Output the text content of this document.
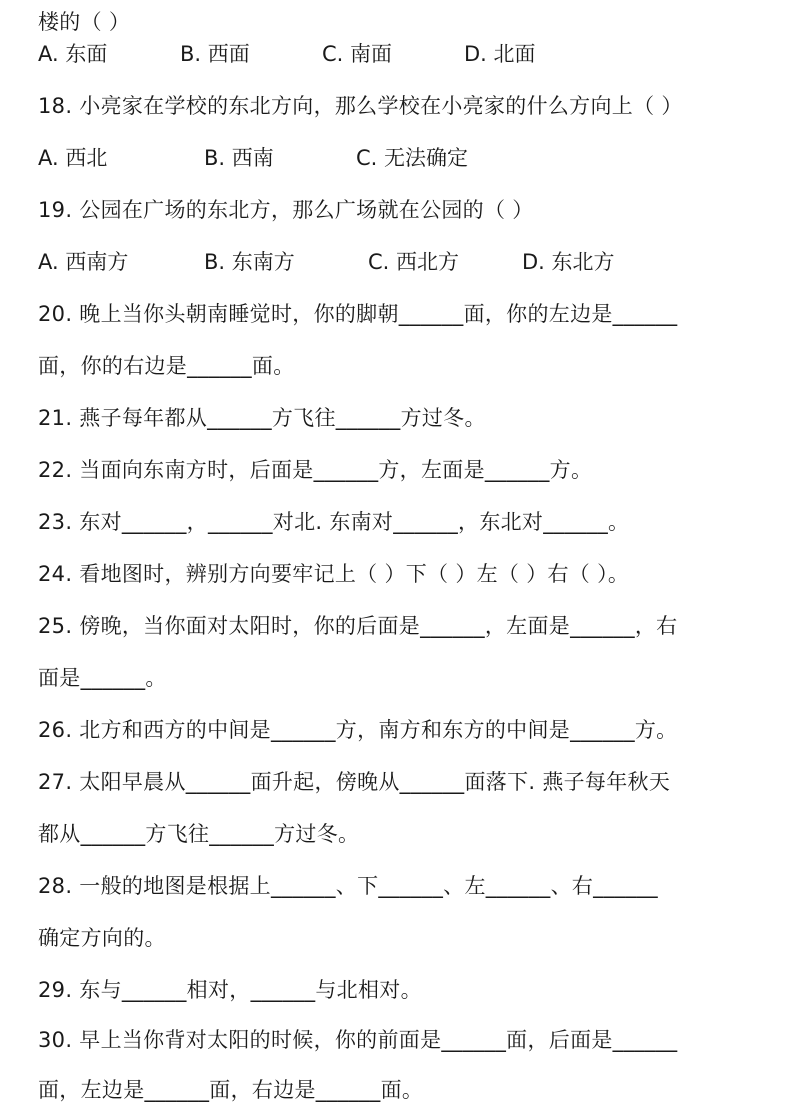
楼的（ ）
A. 东面	B. 西面	C. 南面	D. 北面
18. 小亮家在学校的东北方向，那么学校在小亮家的什么方向上（ ）
A. 西北	B. 西南	C. 无法确定
19. 公园在广场的东北方，那么广场就在公园的（ ）
A. 西南方	B. 东南方	C. 西北方	D. 东北方
20. 晚上当你头朝南睡觉时，你的脚朝______面，你的左边是______
面，你的右边是______面。
21. 燕子每年都从______方飞往______方过冬。
22. 当面向东南方时，后面是______方，左面是______方。
23. 东对______，______对北. 东南对______，东北对______。
24. 看地图时，辨别方向要牢记上（ ）下（ ）左（ ）右（ ）。
25. 傍晚，当你面对太阳时，你的后面是______，左面是______，右
面是______。
26. 北方和西方的中间是______方，南方和东方的中间是______方。
27. 太阳早晨从______面升起，傍晚从______面落下. 燕子每年秋天
都从______方飞往______方过冬。
28. 一般的地图是根据上______、下______、左______、右______
确定方向的。
29. 东与______相对，______与北相对。
30. 早上当你背对太阳的时候，你的前面是______面，后面是______
面，左边是______面，右边是______面。
